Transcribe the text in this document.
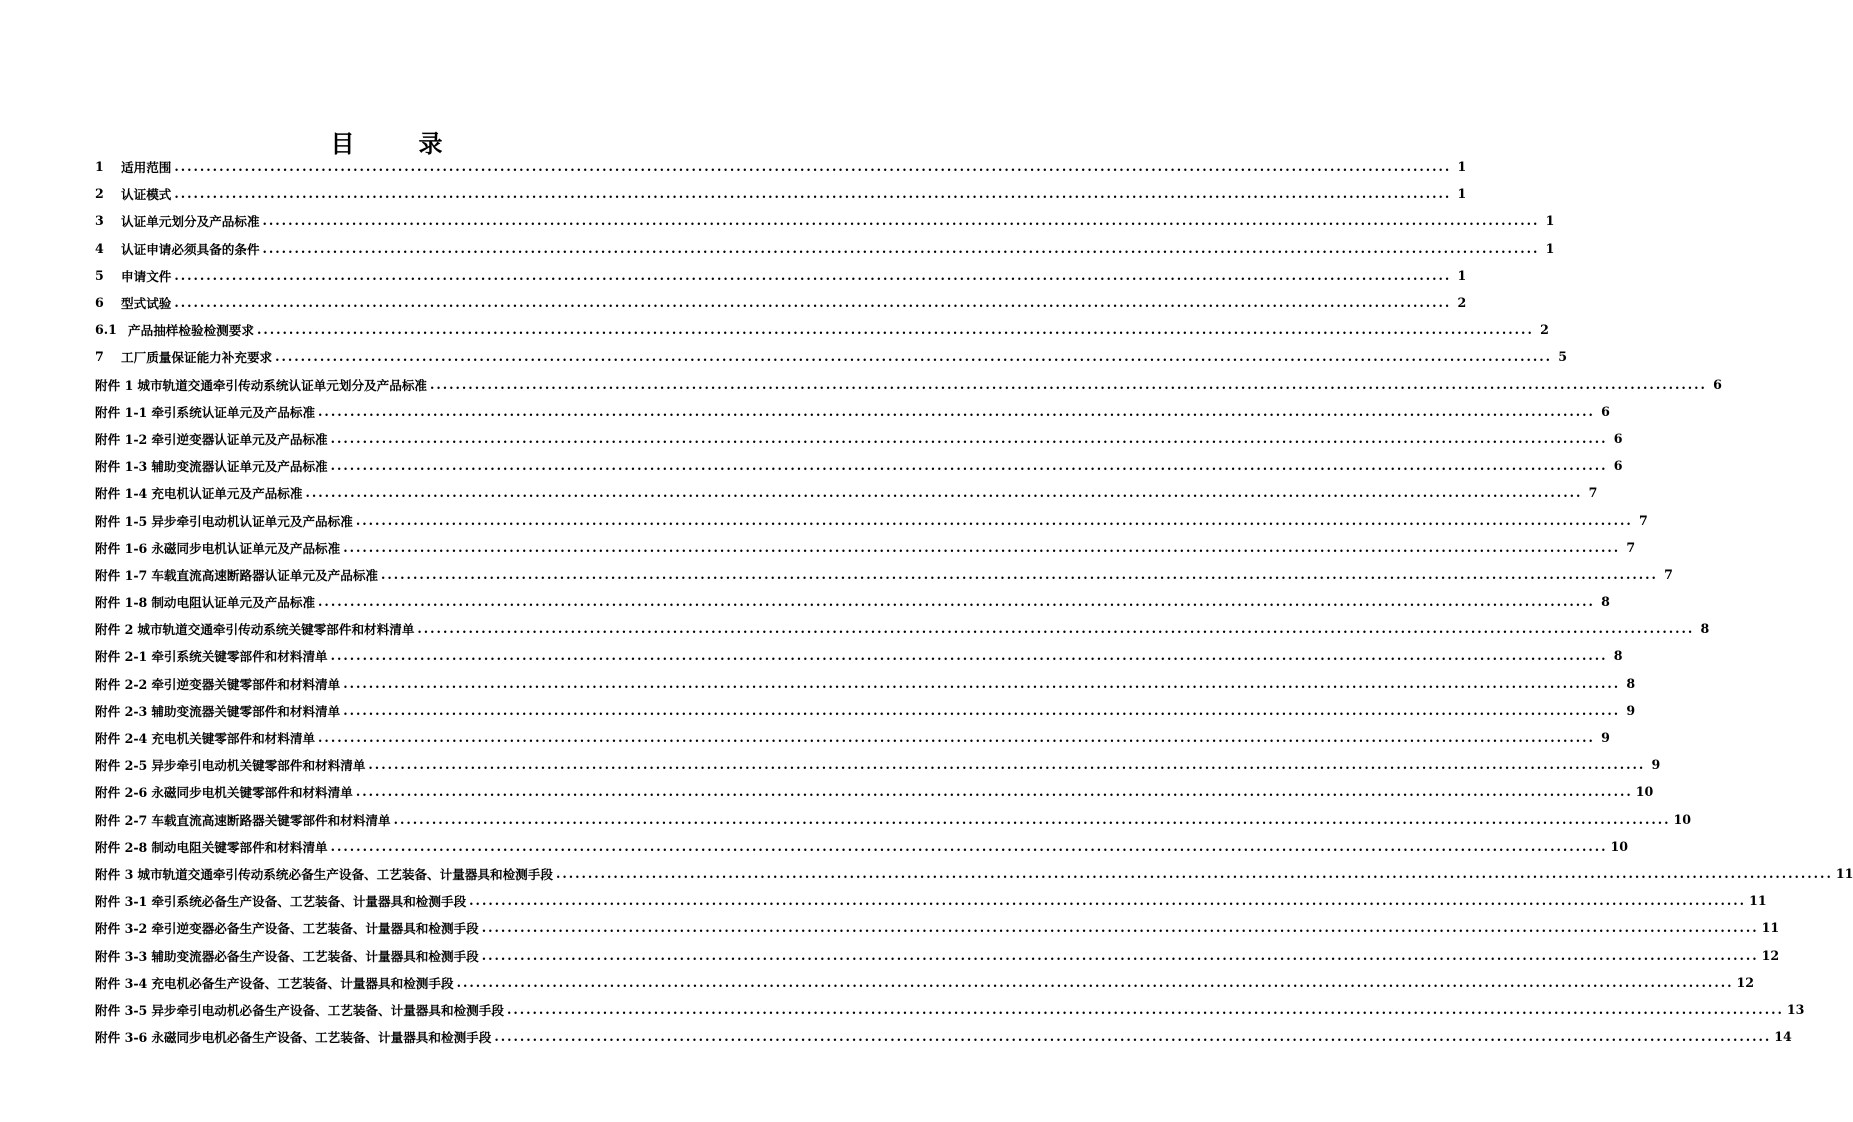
目　录
1	适用范围 ........................................................................................................................................................................................................ 1
2	认证模式 ........................................................................................................................................................................................................ 1
3	认证单元划分及产品标准 ........................................................................................................................................................................................................ 1
4	认证申请必须具备的条件 ........................................................................................................................................................................................................ 1
5	申请文件 ........................................................................................................................................................................................................ 1
6	型式试验 ........................................................................................................................................................................................................ 2
6.1 产品抽样检验检测要求 ........................................................................................................................................................................................................ 2
7	工厂质量保证能力补充要求 ........................................................................................................................................................................................................ 5
附件 1 城市轨道交通牵引传动系统认证单元划分及产品标准 ........................................................................................................................................................................................................ 6
附件 1-1 牵引系统认证单元及产品标准 ........................................................................................................................................................................................................ 6
附件 1-2 牵引逆变器认证单元及产品标准 ........................................................................................................................................................................................................ 6
附件 1-3 辅助变流器认证单元及产品标准 ........................................................................................................................................................................................................ 6
附件 1-4 充电机认证单元及产品标准 ........................................................................................................................................................................................................ 7
附件 1-5 异步牵引电动机认证单元及产品标准 ........................................................................................................................................................................................................ 7
附件 1-6 永磁同步电机认证单元及产品标准 ........................................................................................................................................................................................................ 7
附件 1-7 车载直流高速断路器认证单元及产品标准 ........................................................................................................................................................................................................ 7
附件 1-8 制动电阻认证单元及产品标准 ........................................................................................................................................................................................................ 8
附件 2 城市轨道交通牵引传动系统关键零部件和材料清单 ........................................................................................................................................................................................................ 8
附件 2-1 牵引系统关键零部件和材料清单 ........................................................................................................................................................................................................ 8
附件 2-2 牵引逆变器关键零部件和材料清单 ........................................................................................................................................................................................................ 8
附件 2-3 辅助变流器关键零部件和材料清单 ........................................................................................................................................................................................................ 9
附件 2-4 充电机关键零部件和材料清单 ........................................................................................................................................................................................................ 9
附件 2-5 异步牵引电动机关键零部件和材料清单 ........................................................................................................................................................................................................ 9
附件 2-6 永磁同步电机关键零部件和材料清单 ........................................................................................................................................................................................................ 10
附件 2-7 车载直流高速断路器关键零部件和材料清单 ........................................................................................................................................................................................................ 10
附件 2-8 制动电阻关键零部件和材料清单 ........................................................................................................................................................................................................ 10
附件 3 城市轨道交通牵引传动系统必备生产设备、工艺装备、计量器具和检测手段 ........................................................................................................................................................................................................ 11
附件 3-1 牵引系统必备生产设备、工艺装备、计量器具和检测手段 ........................................................................................................................................................................................................ 11
附件 3-2 牵引逆变器必备生产设备、工艺装备、计量器具和检测手段 ........................................................................................................................................................................................................ 11
附件 3-3 辅助变流器必备生产设备、工艺装备、计量器具和检测手段 ........................................................................................................................................................................................................ 12
附件 3-4 充电机必备生产设备、工艺装备、计量器具和检测手段 ........................................................................................................................................................................................................ 12
附件 3-5 异步牵引电动机必备生产设备、工艺装备、计量器具和检测手段 ........................................................................................................................................................................................................ 13
附件 3-6 永磁同步电机必备生产设备、工艺装备、计量器具和检测手段 ........................................................................................................................................................................................................ 14
